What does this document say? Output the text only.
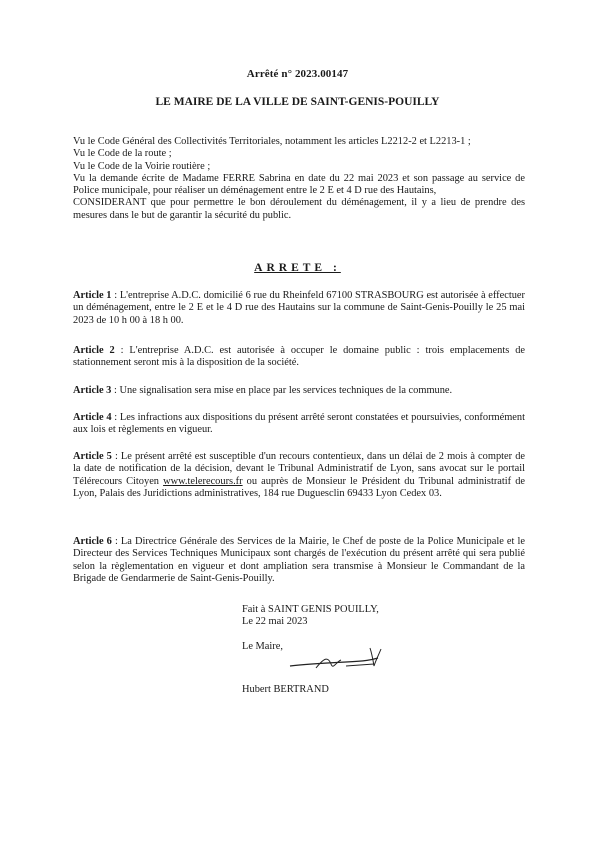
Arrêté n° 2023.00147
LE MAIRE DE LA VILLE DE SAINT-GENIS-POUILLY

Vu le Code Général des Collectivités Territoriales, notamment les articles L2212-2 et L2213-1 ;

Vu le Code de la route ;

Vu le Code de la Voirie routière ;

Vu la demande écrite de Madame FERRE Sabrina en date du 22 mai 2023 et son passage au service de Police municipale, pour réaliser un déménagement entre le 2 E et 4 D rue des Hautains,

CONSIDERANT que pour permettre le bon déroulement du déménagement, il y a lieu de prendre des mesures dans le but de garantir la sécurité du public.

ARRETE :

Article 1 : L'entreprise A.D.C. domicilié 6 rue du Rheinfeld 67100 STRASBOURG est autorisée à effectuer un déménagement, entre le 2 E et le 4 D rue des Hautains sur la commune de Saint-Genis-Pouilly le 25 mai 2023 de 10 h 00 à 18 h 00.

Article 2 : L'entreprise A.D.C. est autorisée à occuper le domaine public : trois emplacements de stationnement seront mis à la disposition de la société.

Article 3 : Une signalisation sera mise en place par les services techniques de la commune.

Article 4 : Les infractions aux dispositions du présent arrêté seront constatées et poursuivies, conformément aux lois et règlements en vigueur.

Article 5 : Le présent arrêté est susceptible d'un recours contentieux, dans un délai de 2 mois à compter de la date de notification de la décision, devant le Tribunal Administratif de Lyon, sans avocat sur le portail Télérecours Citoyen www.telerecours.fr ou auprès de Monsieur le Président du Tribunal administratif de Lyon, Palais des Juridictions administratives, 184 rue Duguesclin 69433 Lyon Cedex 03.

Article 6 : La Directrice Générale des Services de la Mairie, le Chef de poste de la Police Municipale et le Directeur des Services Techniques Municipaux sont chargés de l'exécution du présent arrêté qui sera publié selon la règlementation en vigueur et dont ampliation sera transmise à Monsieur le Commandant de la Brigade de Gendarmerie de Saint-Genis-Pouilly.

Fait à SAINT GENIS POUILLY,

Le 22 mai 2023

Le Maire,

Hubert BERTRAND
